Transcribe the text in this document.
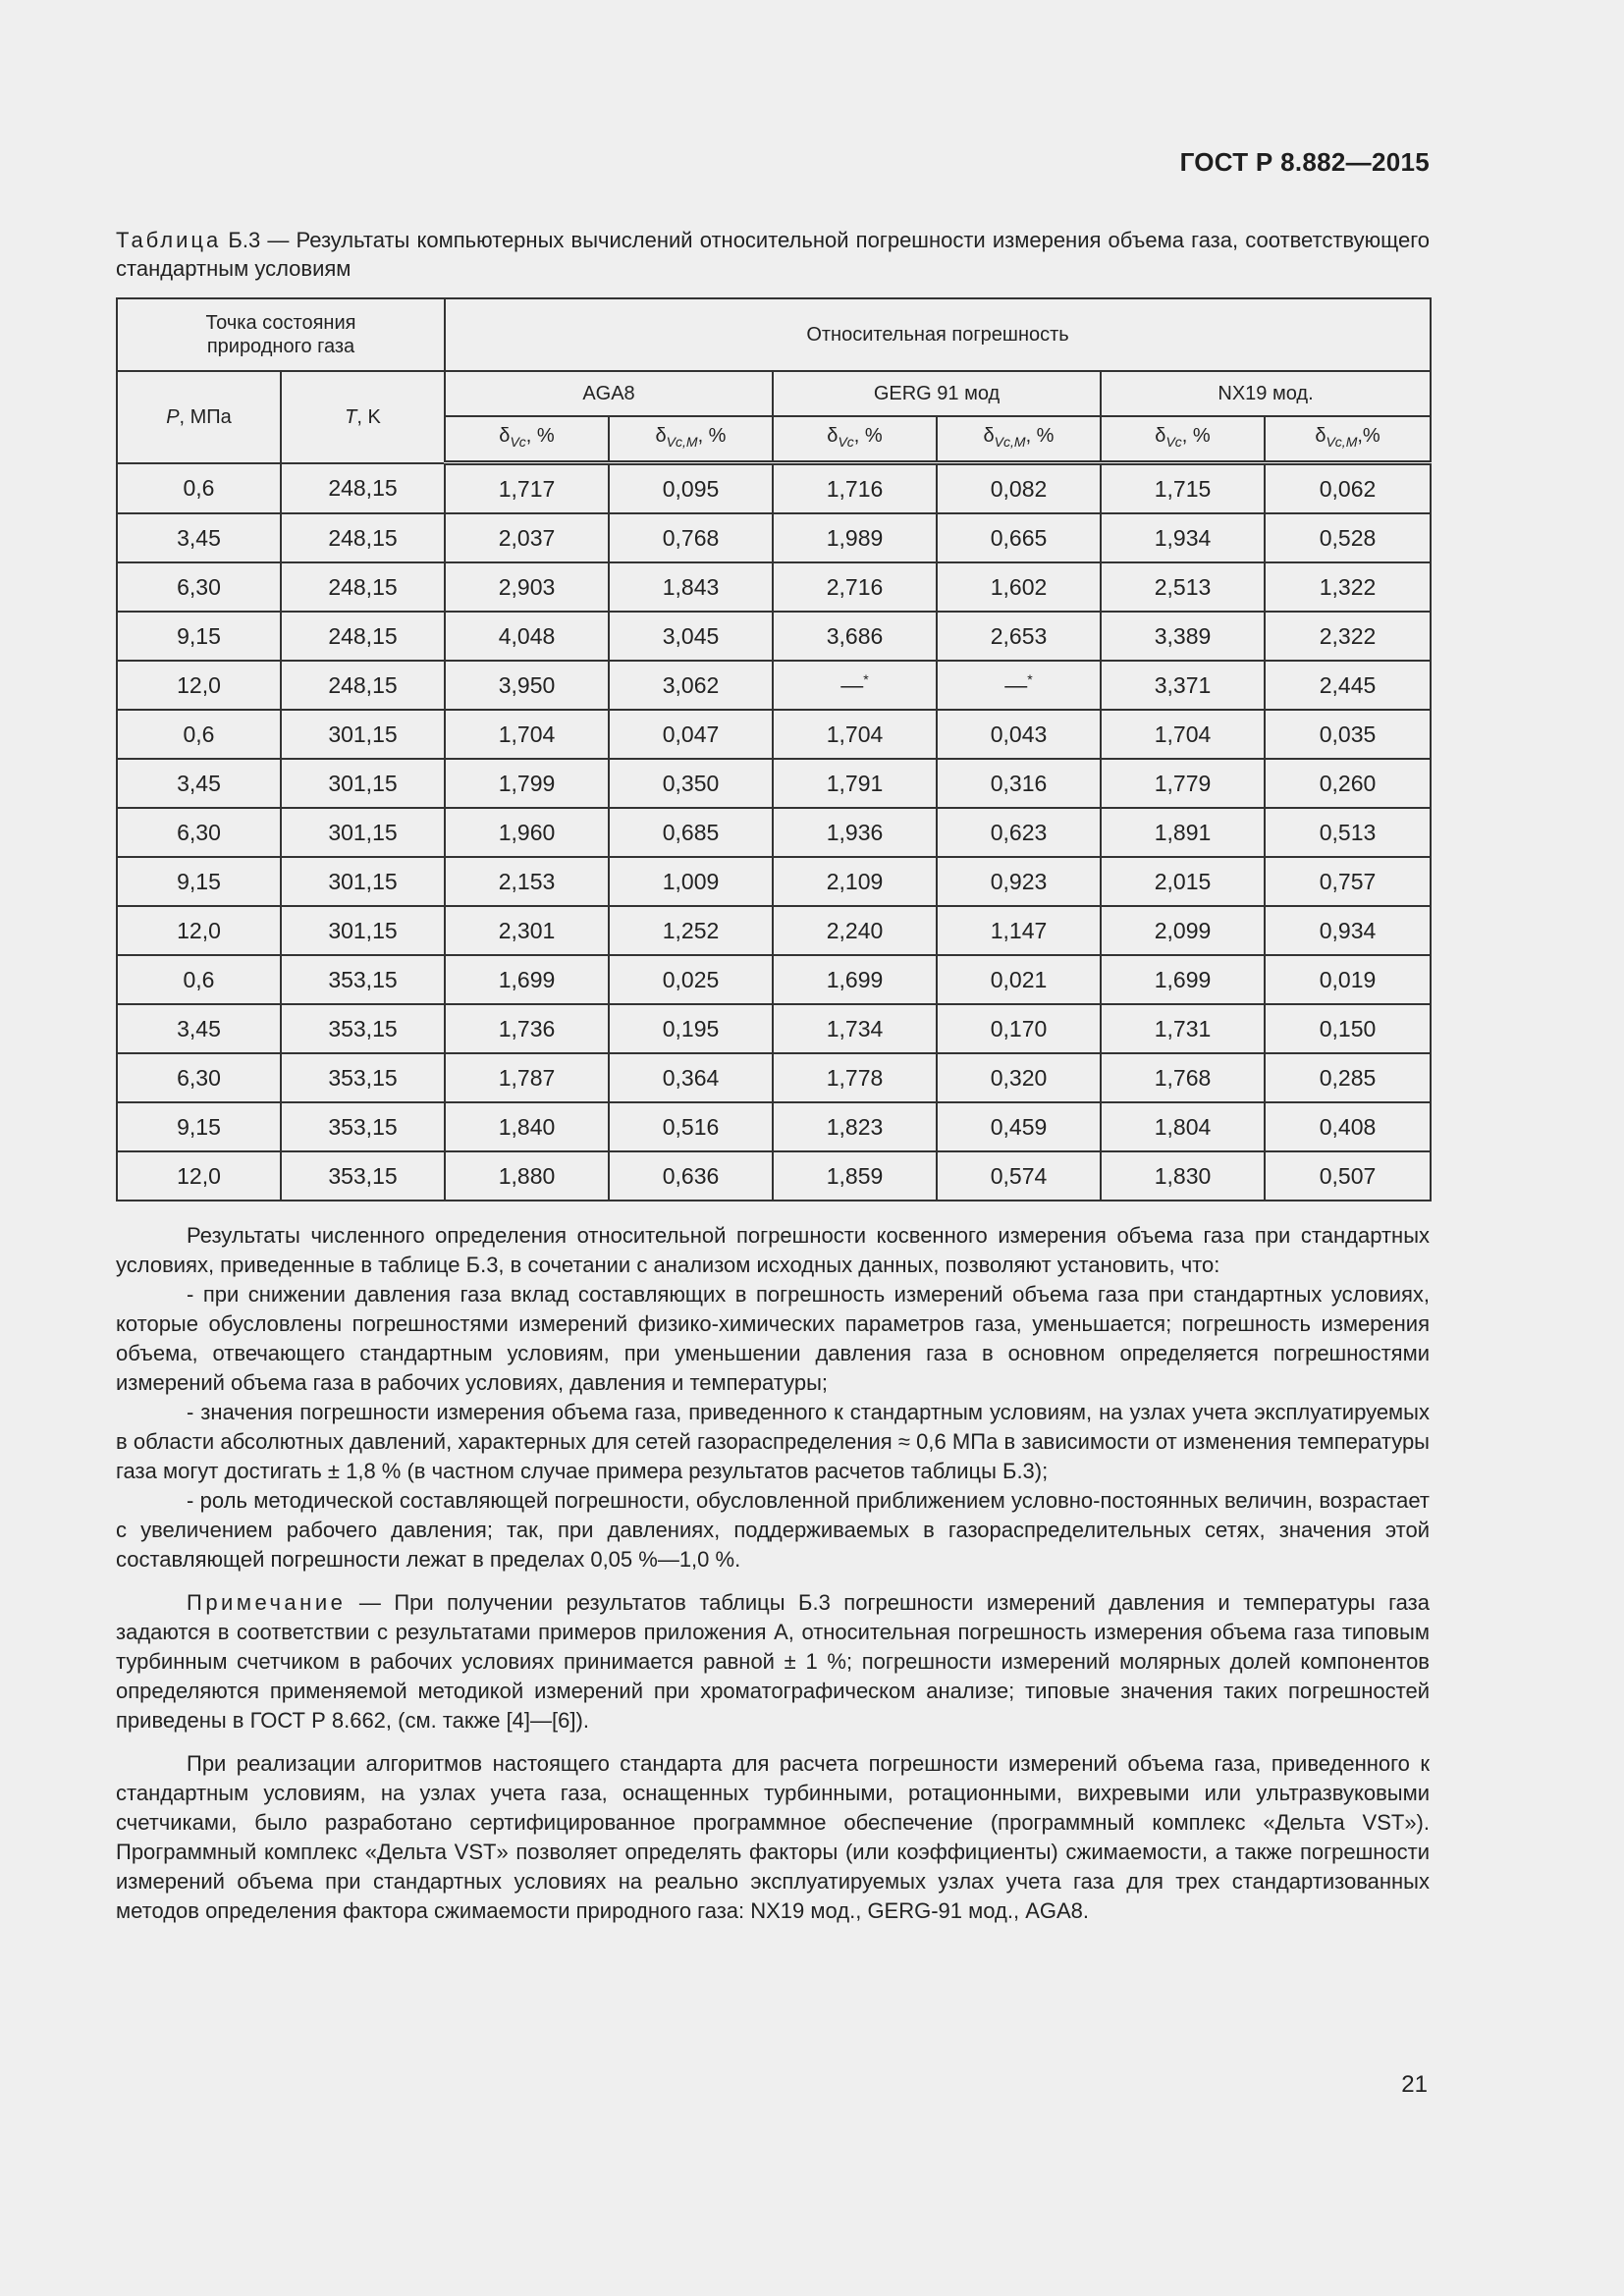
ГОСТ Р 8.882—2015
Таблица Б.3 — Результаты компьютерных вычислений относительной погрешности измерения объема газа, соответствующего стандартным условиям
Точка состояния природного газа		Относительная погрешность					
P, МПа	T, K	AGA8		GERG 91 мод		NX19 мод.	
		$\delta_{Vc}$, %	$\delta_{Vc,M}$, %	$\delta_{Vc}$, %	$\delta_{Vc,M}$, %	$\delta_{Vc}$, %	$\delta_{Vc,M},\%$
0,6	248,15	1,717	0,095	1,716	0,082	1,715	0,062
3,45	248,15	2,037	0,768	1,989	0,665	1,934	0,528
6,30	248,15	2,903	1,843	2,716	1,602	2,513	1,322
9,15	248,15	4,048	3,045	3,686	2,653	3,389	2,322
12,0	248,15	3,950	3,062	—*	—*	3,371	2,445
0,6	301,15	1,704	0,047	1,704	0,043	1,704	0,035
3,45	301,15	1,799	0,350	1,791	0,316	1,779	0,260
6,30	301,15	1,960	0,685	1,936	0,623	1,891	0,513
9,15	301,15	2,153	1,009	2,109	0,923	2,015	0,757
12,0	301,15	2,301	1,252	2,240	1,147	2,099	0,934
0,6	353,15	1,699	0,025	1,699	0,021	1,699	0,019
3,45	353,15	1,736	0,195	1,734	0,170	1,731	0,150
6,30	353,15	1,787	0,364	1,778	0,320	1,768	0,285
9,15	353,15	1,840	0,516	1,823	0,459	1,804	0,408
12,0	353,15	1,880	0,636	1,859	0,574	1,830	0,507

Результаты численного определения относительной погрешности косвенного измерения объема газа при стандартных условиях, приведенные в таблице Б.3, в сочетании с анализом исходных данных, позволяют установить, что:

- при снижении давления газа вклад составляющих в погрешность измерений объема газа при стандартных условиях, которые обусловлены погрешностями измерений физико-химических параметров газа, уменьшается; погрешность измерения объема, отвечающего стандартным условиям, при уменьшении давления газа в основном определяется погрешностями измерений объема газа в рабочих условиях, давления и температуры;

- значения погрешности измерения объема газа, приведенного к стандартным условиям, на узлах учета эксплуатируемых в области абсолютных давлений, характерных для сетей газораспределения ≈ 0,6 МПа в зависимости от изменения температуры газа могут достигать ± 1,8 % (в частном случае примера результатов расчетов таблицы Б.3);

- роль методической составляющей погрешности, обусловленной приближением условно-постоянных величин, возрастает с увеличением рабочего давления; так, при давлениях, поддерживаемых в газораспределительных сетях, значения этой составляющей погрешности лежат в пределах 0,05 %—1,0 %.

Примечание — При получении результатов таблицы Б.3 погрешности измерений давления и температуры газа задаются в соответствии с результатами примеров приложения А, относительная погрешность измерения объема газа типовым турбинным счетчиком в рабочих условиях принимается равной ± 1 %; погрешности измерений молярных долей компонентов определяются применяемой методикой измерений при хроматографическом анализе; типовые значения таких погрешностей приведены в ГОСТ Р 8.662, (см. также [4]—[6]).

При реализации алгоритмов настоящего стандарта для расчета погрешности измерений объема газа, приведенного к стандартным условиям, на узлах учета газа, оснащенных турбинными, ротационными, вихревыми или ультразвуковыми счетчиками, было разработано сертифицированное программное обеспечение (программный комплекс «Дельта VST»). Программный комплекс «Дельта VST» позволяет определять факторы (или коэффициенты) сжимаемости, а также погрешности измерений объема при стандартных условиях на реально эксплуатируемых узлах учета газа для трех стандартизованных методов определения фактора сжимаемости природного газа: NX19 мод., GERG-91 мод., AGA8.

21
